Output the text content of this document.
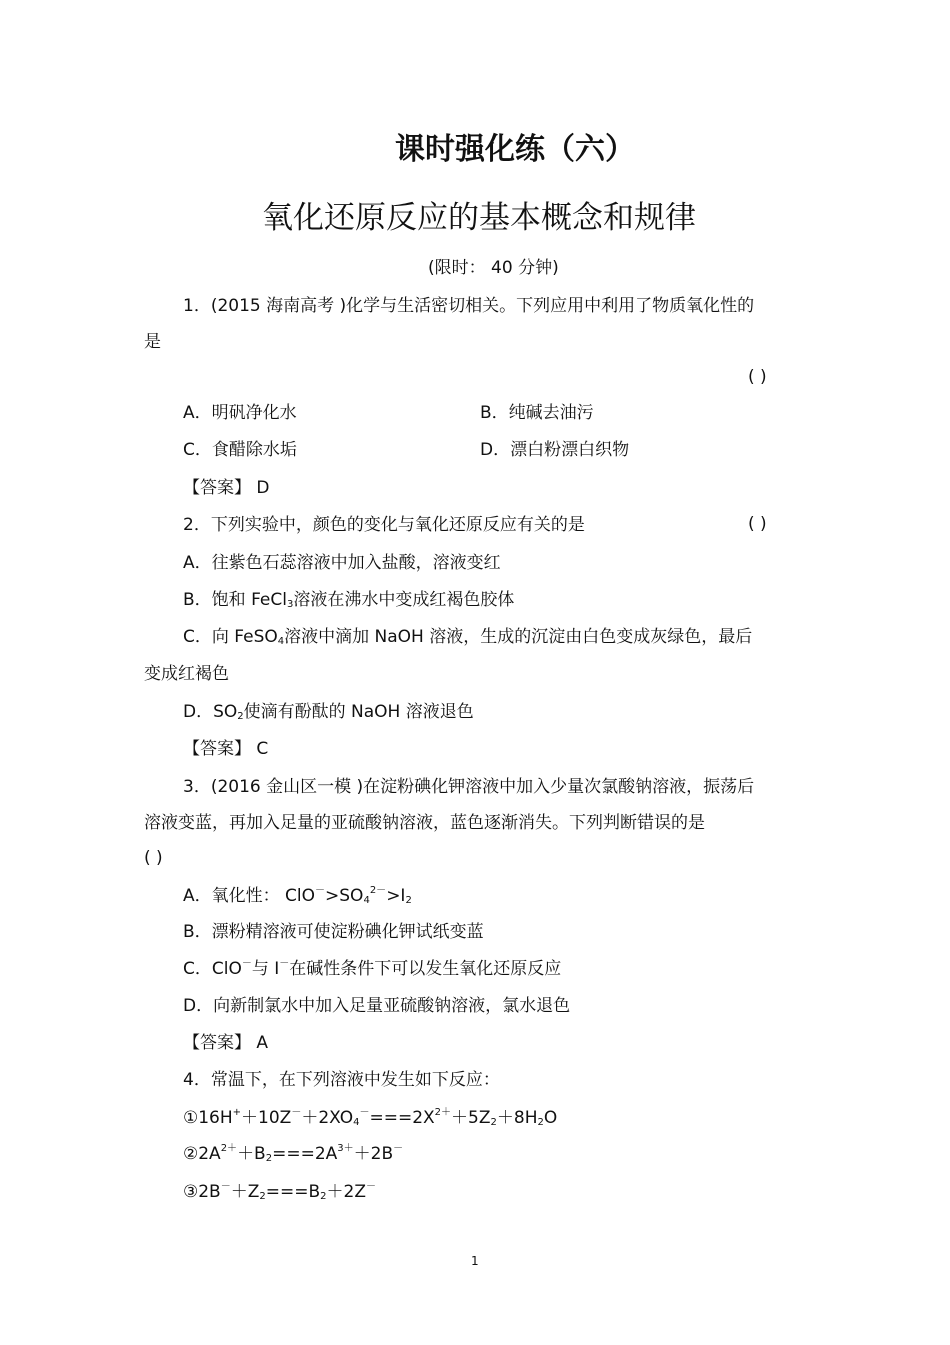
课时强化练（六）
氧化还原反应的基本概念和规律
(限时： 40 分钟)
1．(2015 海南高考 )化学与生活密切相关。下列应用中利用了物质氧化性的
是
( )
A．明矾净化水	B．纯碱去油污
C．食醋除水垢	D．漂白粉漂白织物
【答案】 D
2．下列实验中，颜色的变化与氧化还原反应有关的是	( )
A．往紫色石蕊溶液中加入盐酸，溶液变红
B．饱和 FeCl$_3$溶液在沸水中变成红褐色胶体
C．向 FeSO$_4$溶液中滴加 NaOH 溶液，生成的沉淀由白色变成灰绿色，最后
变成红褐色
D．$SO_2$使滴有酚酞的 NaOH 溶液退色
【答案】 C
3．(2016 金山区一模 )在淀粉碘化钾溶液中加入少量次氯酸钠溶液，振荡后
溶液变蓝，再加入足量的亚硫酸钠溶液，蓝色逐渐消失。下列判断错误的是
( )
A．氧化性： $ClO^->SO_4^{2-}>I_2$
B．漂粉精溶液可使淀粉碘化钾试纸变蓝
C．ClO－与 I－在碱性条件下可以发生氧化还原反应
D．向新制氯水中加入足量亚硫酸钠溶液，氯水退色
【答案】 A
4．常温下，在下列溶液中发生如下反应：
$①16H^++10Z^-+2XO_4^-===2X^{2+}+5Z_2+8H_2O$
$②2A^{2+}+B_2===2A^{3+}+2B^-$
$③2B^-+Z_2===B_2+2Z^-$
1
